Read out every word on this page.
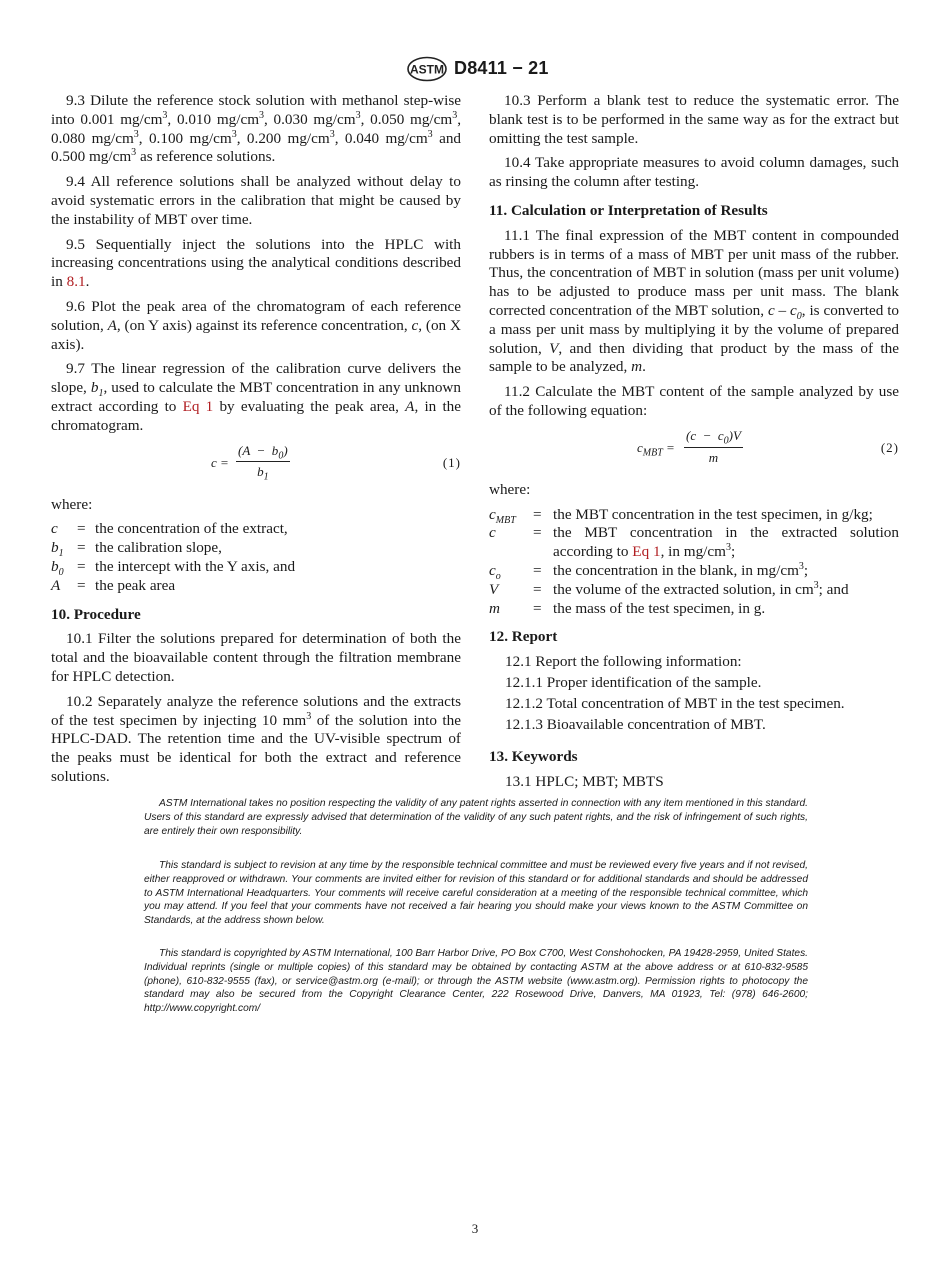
ASTM D8411 − 21

9.3 Dilute the reference stock solution with methanol step-wise into 0.001 $mg/cm^3$, 0.010 $mg/cm^3$, 0.030 $mg/cm^3$, 0.050 $mg/cm^3$, 0.080 $mg/cm^3$, 0.100 $mg/cm^3$, 0.200 $mg/cm^3$, 0.040 $mg/cm^3$ and 0.500 $mg/cm^3$ as reference solutions.

9.4 All reference solutions shall be analyzed without delay to avoid systematic errors in the calibration that might be caused by the instability of MBT over time.

9.5 Sequentially inject the solutions into the HPLC with increasing concentrations using the analytical conditions described in 8.1.

9.6 Plot the peak area of the chromatogram of each reference solution, A, (on Y axis) against its reference concentration, c, (on X axis).

9.7 The linear regression of the calibration curve delivers the slope, $b_1$, used to calculate the MBT concentration in any unknown extract according to Eq 1 by evaluating the peak area, A, in the chromatogram.

c =
$(A - b_0)$
$b_1$
(1)

where:

c	= the concentration of the extract,
$b_1$ = the calibration slope,
$b_0$ = the intercept with the Y axis, and
A	= the peak area
10. Procedure

10.1 Filter the solutions prepared for determination of both the total and the bioavailable content through the filtration membrane for HPLC detection.

10.2 Separately analyze the reference solutions and the extracts of the test specimen by injecting 10 $mm^3$ of the solution into the HPLC-DAD. The retention time and the UV-visible spectrum of the peaks must be identical for both the extract and reference solutions.

10.3 Perform a blank test to reduce the systematic error. The blank test is to be performed in the same way as for the extract but omitting the test sample.

10.4 Take appropriate measures to avoid column damages, such as rinsing the column after testing.

11. Calculation or Interpretation of Results

11.1 The final expression of the MBT content in compounded rubbers is in terms of a mass of MBT per unit mass of the rubber. Thus, the concentration of MBT in solution (mass per unit volume) has to be adjusted to produce mass per unit mass. The blank corrected concentration of the MBT solution, c – $c_0$, is converted to a mass per unit mass by multiplying it by the volume of prepared solution, V, and then dividing that product by the mass of the sample to be analyzed, m.

11.2 Calculate the MBT content of the sample analyzed by use of the following equation:

$c_{MBT}$ =
$(c - c_0)V$
m
(2)

where:

$c_{MBT}$	= the MBT concentration in the test specimen, in g/kg;
c	= the MBT concentration in the extracted solution according to Eq 1, in $mg/cm^3$;
$c_o$	= the concentration in the blank, in $mg/cm^3$;
V	= the volume of the extracted solution, in $cm^3$; and
m	= the mass of the test specimen, in g.
12. Report
12.1 Report the following information:
12.1.1 Proper identification of the sample.
12.1.2 Total concentration of MBT in the test specimen.
12.1.3 Bioavailable concentration of MBT.
13. Keywords
13.1 HPLC; MBT; MBTS

ASTM International takes no position respecting the validity of any patent rights asserted in connection with any item mentioned in this standard. Users of this standard are expressly advised that determination of the validity of any such patent rights, and the risk of infringement of such rights, are entirely their own responsibility.

This standard is subject to revision at any time by the responsible technical committee and must be reviewed every five years and if not revised, either reapproved or withdrawn. Your comments are invited either for revision of this standard or for additional standards and should be addressed to ASTM International Headquarters. Your comments will receive careful consideration at a meeting of the responsible technical committee, which you may attend. If you feel that your comments have not received a fair hearing you should make your views known to the ASTM Committee on Standards, at the address shown below.

This standard is copyrighted by ASTM International, 100 Barr Harbor Drive, PO Box C700, West Conshohocken, PA 19428-2959, United States. Individual reprints (single or multiple copies) of this standard may be obtained by contacting ASTM at the above address or at 610-832-9585 (phone), 610-832-9555 (fax), or service@astm.org (e-mail); or through the ASTM website (www.astm.org). Permission rights to photocopy the standard may also be secured from the Copyright Clearance Center, 222 Rosewood Drive, Danvers, MA 01923, Tel: (978) 646-2600; http://www.copyright.com/

3
